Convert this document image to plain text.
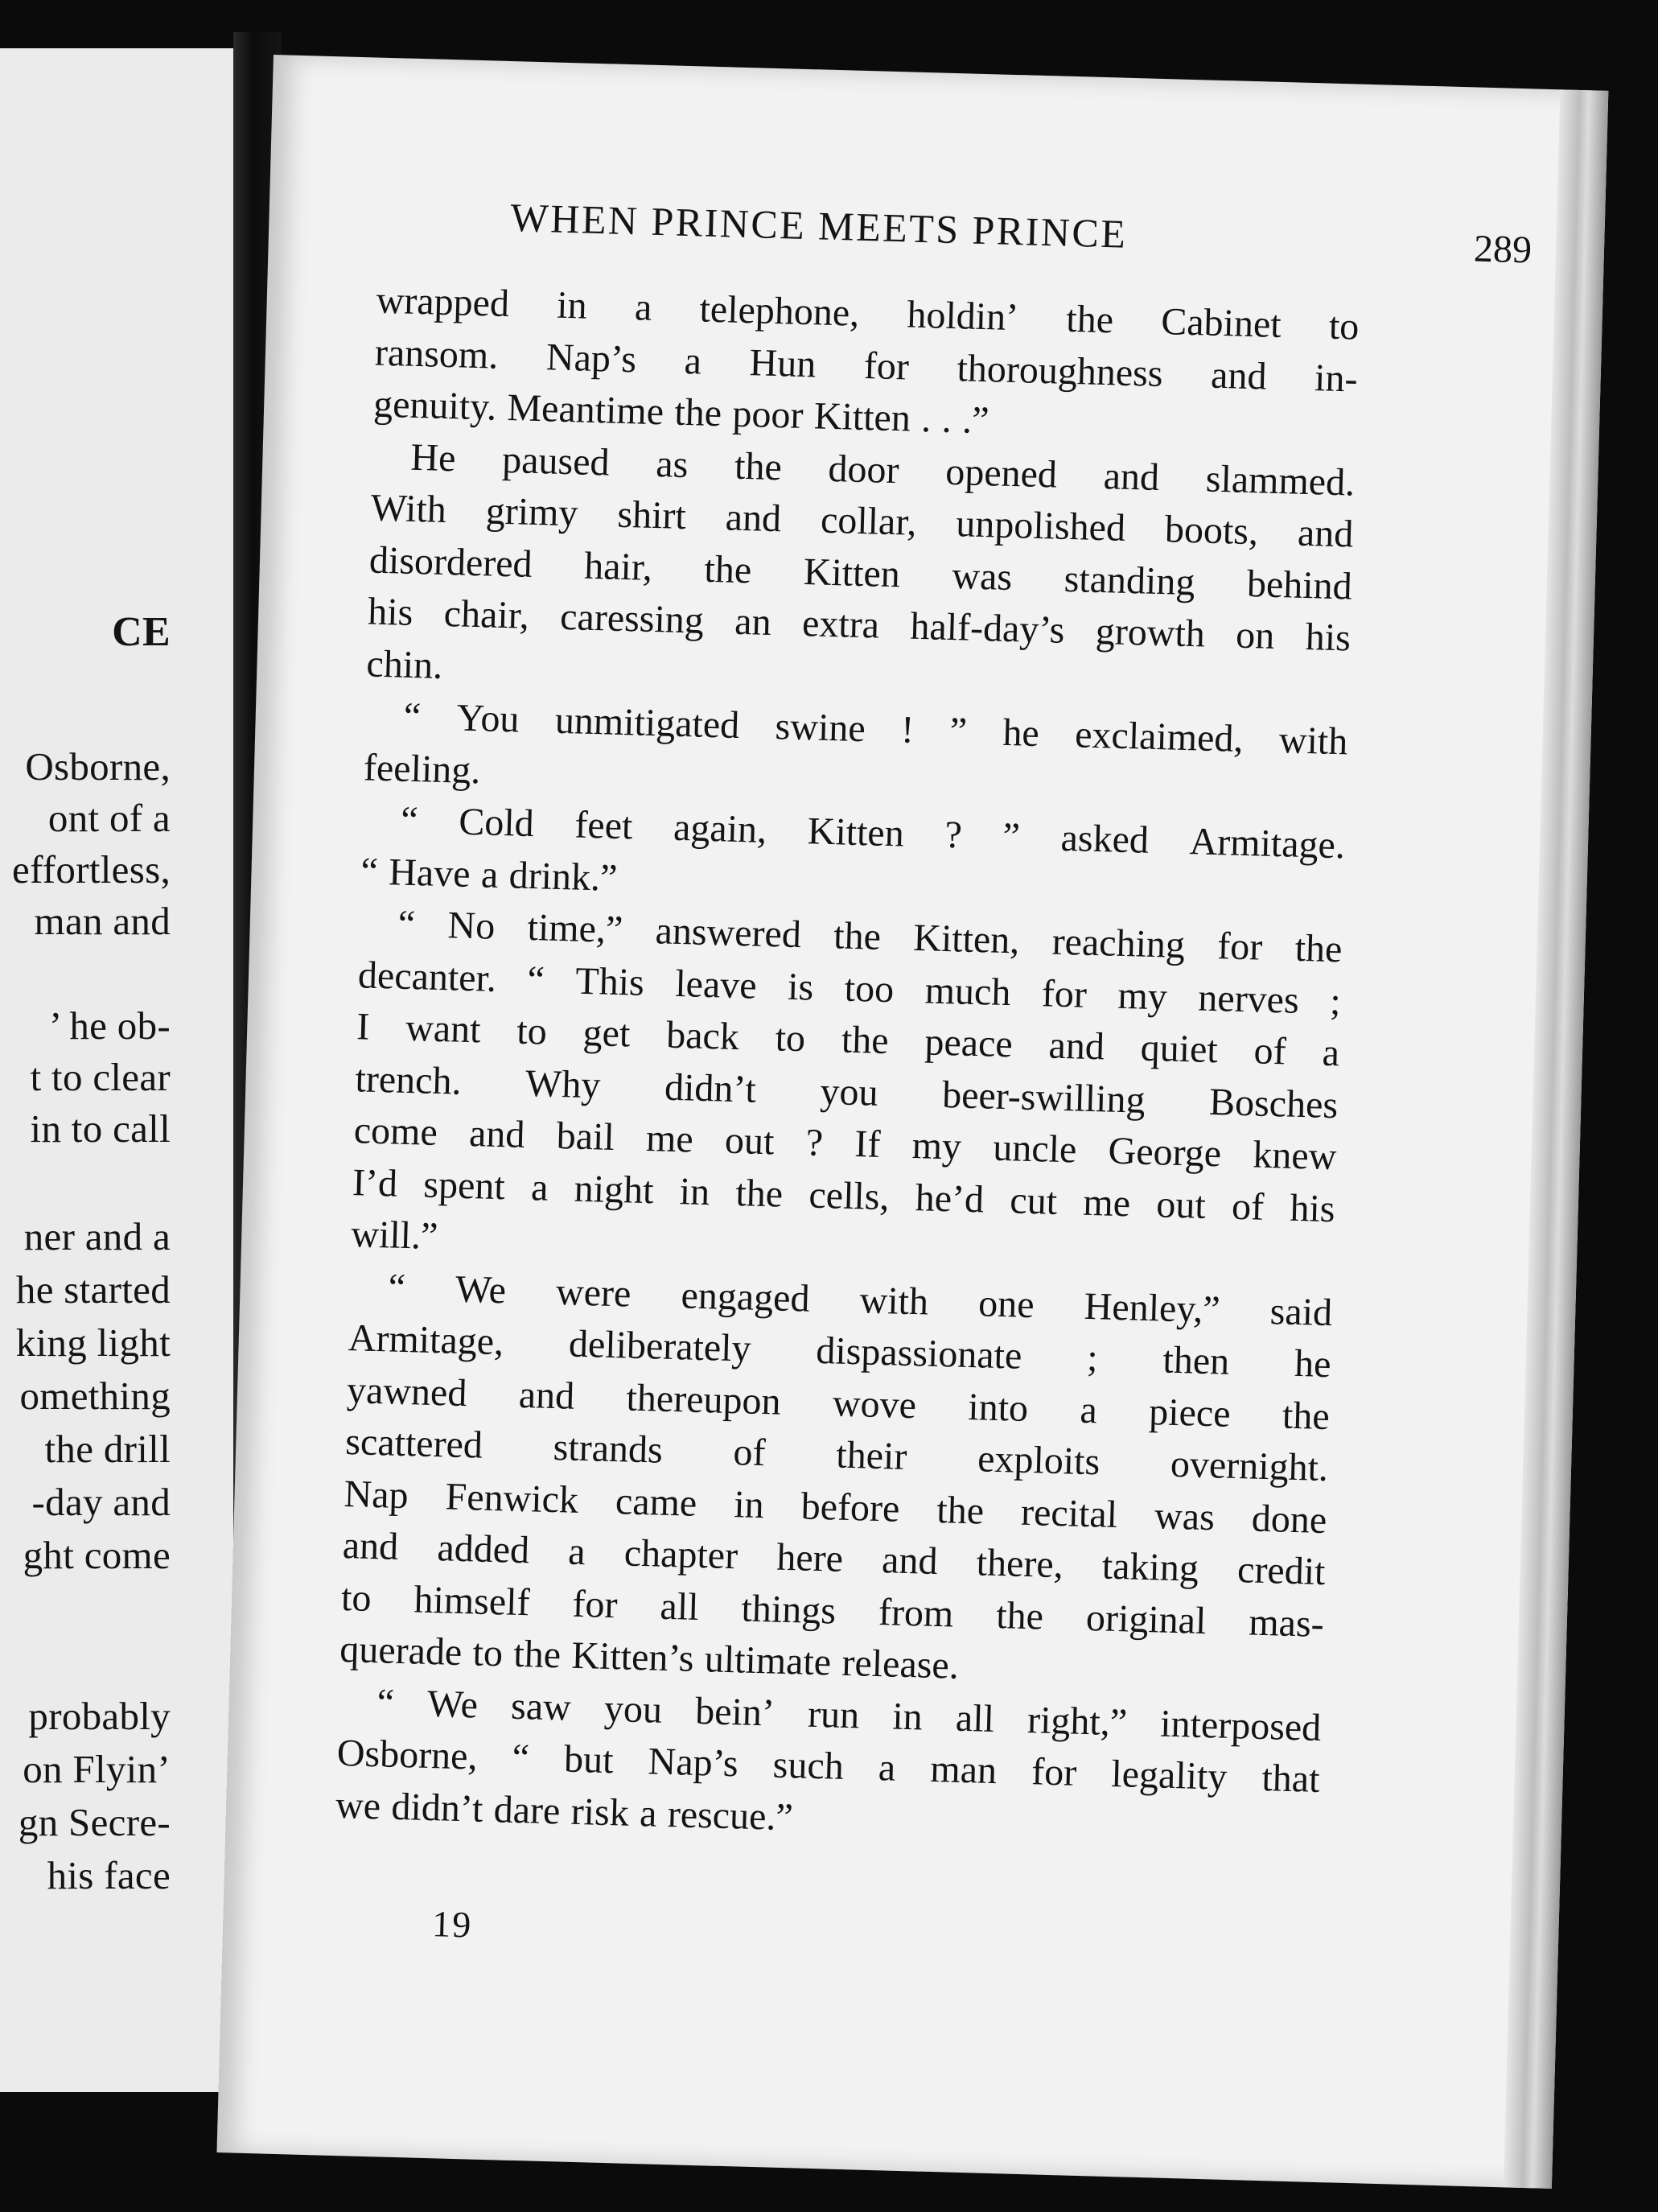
CE
Osborne,
ont of a
effortless,
man and
’ he ob-
t to clear
in to call
ner and a
he started
king light
omething
the drill
-day and
ght come
probably
on Flyin’
gn Secre-
his face
WHEN PRINCE MEETS PRINCE	289
wrapped in a telephone, holdin’ the Cabinet to
ransom. Nap’s a Hun for thoroughness and in-
genuity. Meantime the poor Kitten . . .”
He paused as the door opened and slammed.
With grimy shirt and collar, unpolished boots, and
disordered hair, the Kitten was standing behind
his chair, caressing an extra half-day’s growth on his
chin.
“ You unmitigated swine ! ” he exclaimed, with
feeling.
“ Cold feet again, Kitten ? ” asked Armitage.
“ Have a drink.”
“ No time,” answered the Kitten, reaching for the
decanter. “ This leave is too much for my nerves ;
I want to get back to the peace and quiet of a
trench. Why didn’t you beer-swilling Bosches
come and bail me out ? If my uncle George knew
I’d spent a night in the cells, he’d cut me out of his
will.”
“ We were engaged with one Henley,” said
Armitage, deliberately dispassionate ; then he
yawned and thereupon wove into a piece the
scattered strands of their exploits overnight.
Nap Fenwick came in before the recital was done
and added a chapter here and there, taking credit
to himself for all things from the original mas-
querade to the Kitten’s ultimate release.
“ We saw you bein’ run in all right,” interposed
Osborne, “ but Nap’s such a man for legality that
we didn’t dare risk a rescue.”
19
